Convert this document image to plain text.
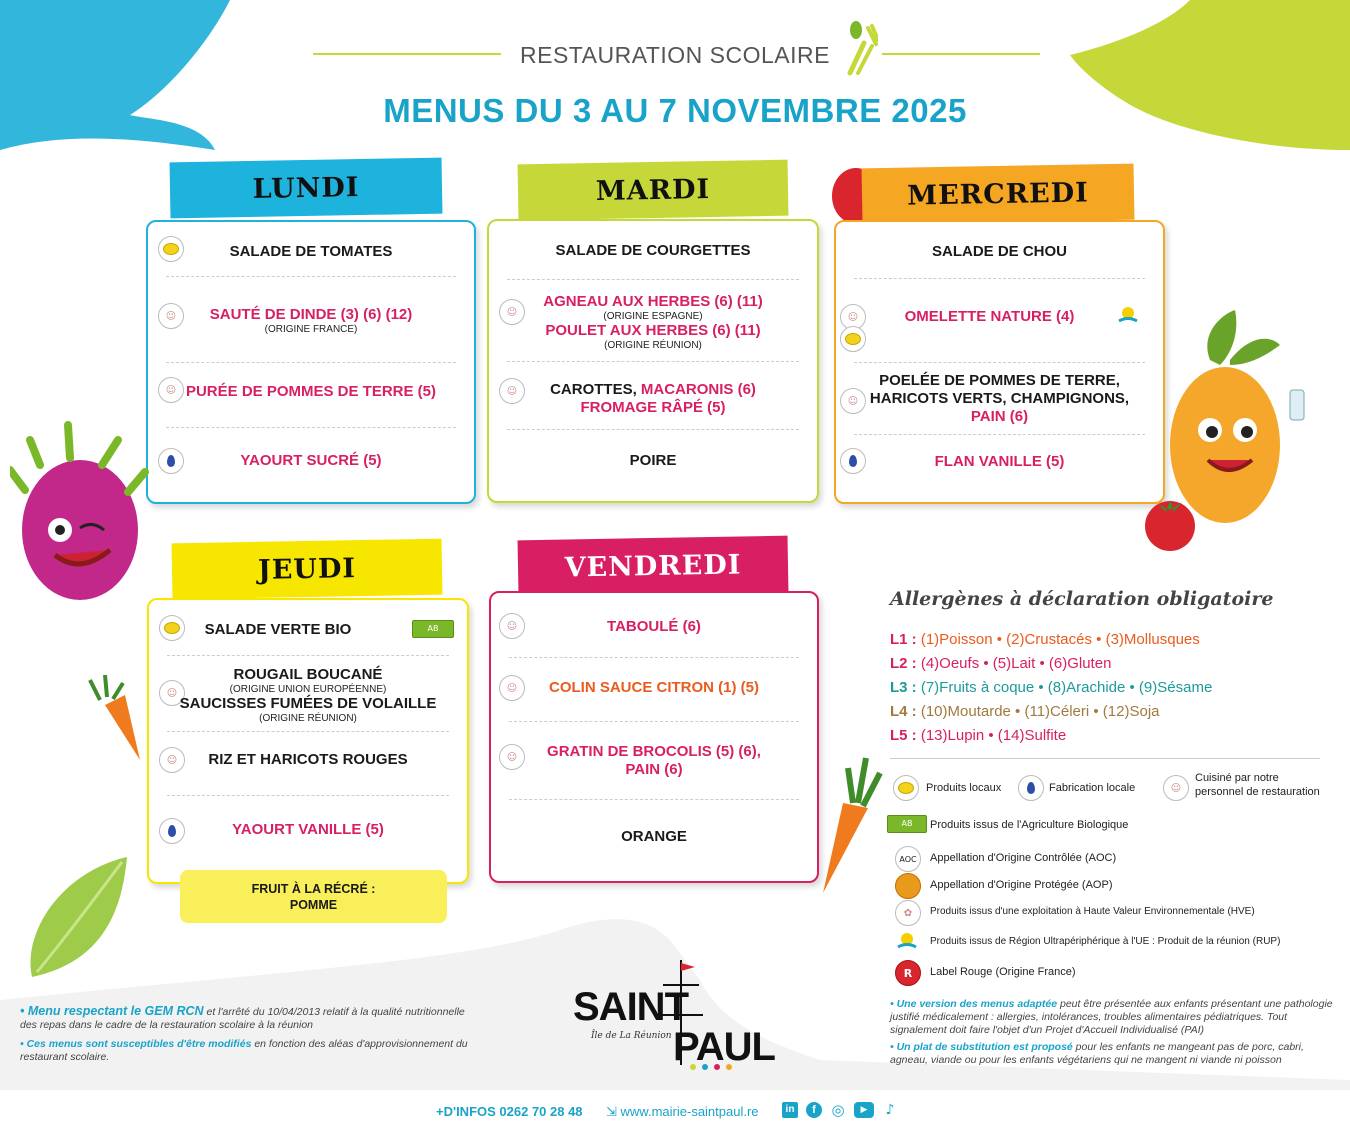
RESTAURATION SCOLAIRE
MENUS DU 3 AU 7 NOVEMBRE 2025
LUNDI
SALADE DE TOMATES
☺ SAUTÉ DE DINDE (3) (6) (12)
(ORIGINE FRANCE)
☺ PURÉE DE POMMES DE TERRE (5)
YAOURT SUCRÉ (5)
MARDI
SALADE DE COURGETTES
☺
AGNEAU AUX HERBES (6) (11)
(ORIGINE ESPAGNE)
POULET AUX HERBES (6) (11)
(ORIGINE RÉUNION)
☺ CAROTTES, MACARONIS (6)
FROMAGE RÂPÉ (5)
POIRE
MERCREDI
SALADE DE CHOU
☺	OMELETTE NATURE (4)
☺
POELÉE DE POMMES DE TERRE,
HARICOTS VERTS, CHAMPIGNONS,
PAIN (6)
FLAN VANILLE (5)
JEUDI
SALADE VERTE BIO	AB
☺
ROUGAIL BOUCANÉ
(ORIGINE UNION EUROPÉENNE)
SAUCISSES FUMÉES DE VOLAILLE
(ORIGINE RÉUNION)
☺ RIZ ET HARICOTS ROUGES
YAOURT VANILLE (5)
FRUIT À LA RÉCRÉ :
POMME
VENDREDI
☺	TABOULÉ (6)
☺ COLIN SAUCE CITRON (1) (5)
☺ GRATIN DE BROCOLIS (5) (6),
PAIN (6)
ORANGE
Allergènes à déclaration obligatoire
L1 : (1)Poisson • (2)Crustacés • (3)Mollusques
L2 : (4)Oeufs • (5)Lait • (6)Gluten
L3 : (7)Fruits à coque • (8)Arachide • (9)Sésame
L4 : (10)Moutarde • (11)Céleri • (12)Soja
L5 : (13)Lupin • (14)Sulfite
Produits locaux	Fabrication locale	☺
Cuisiné par notre
personnel de restauration
AB	Produits issus de l'Agriculture Biologique
AOC Appellation d'Origine Contrôlée (AOC)
Appellation d'Origine Protégée (AOP)
✿ Produits issus d'une exploitation à Haute Valeur Environnementale (HVE)
Produits issus de Région Ultrapériphérique à l'UE : Produit de la réunion (RUP)
R Label Rouge (Origine France)
SAINT
PAUL
Île de La Réunion
• Menu respectant le GEM RCN et l'arrêté du 10/04/2013 relatif à la qualité nutritionnelle des repas dans le cadre de la restauration scolaire à la réunion
• Ces menus sont susceptibles d'être modifiés en fonction des aléas d'approvisionnement du restaurant scolaire.
• Une version des menus adaptée peut être présentée aux enfants présentant une pathologie justifié médicalement : allergies, intolérances, troubles alimentaires pédiatriques. Tout signalement doit faire l'objet d'un Projet d'Accueil Individualisé (PAI)
• Un plat de substitution est proposé pour les enfants ne mangeant pas de porc, cabri, agneau, viande ou pour les enfants végétariens qui ne mangent ni viande ni poisson
+D'INFOS 0262 70 28 48 ⇲ www.mairie-saintpaul.re	in	f	◎	▶	♪
